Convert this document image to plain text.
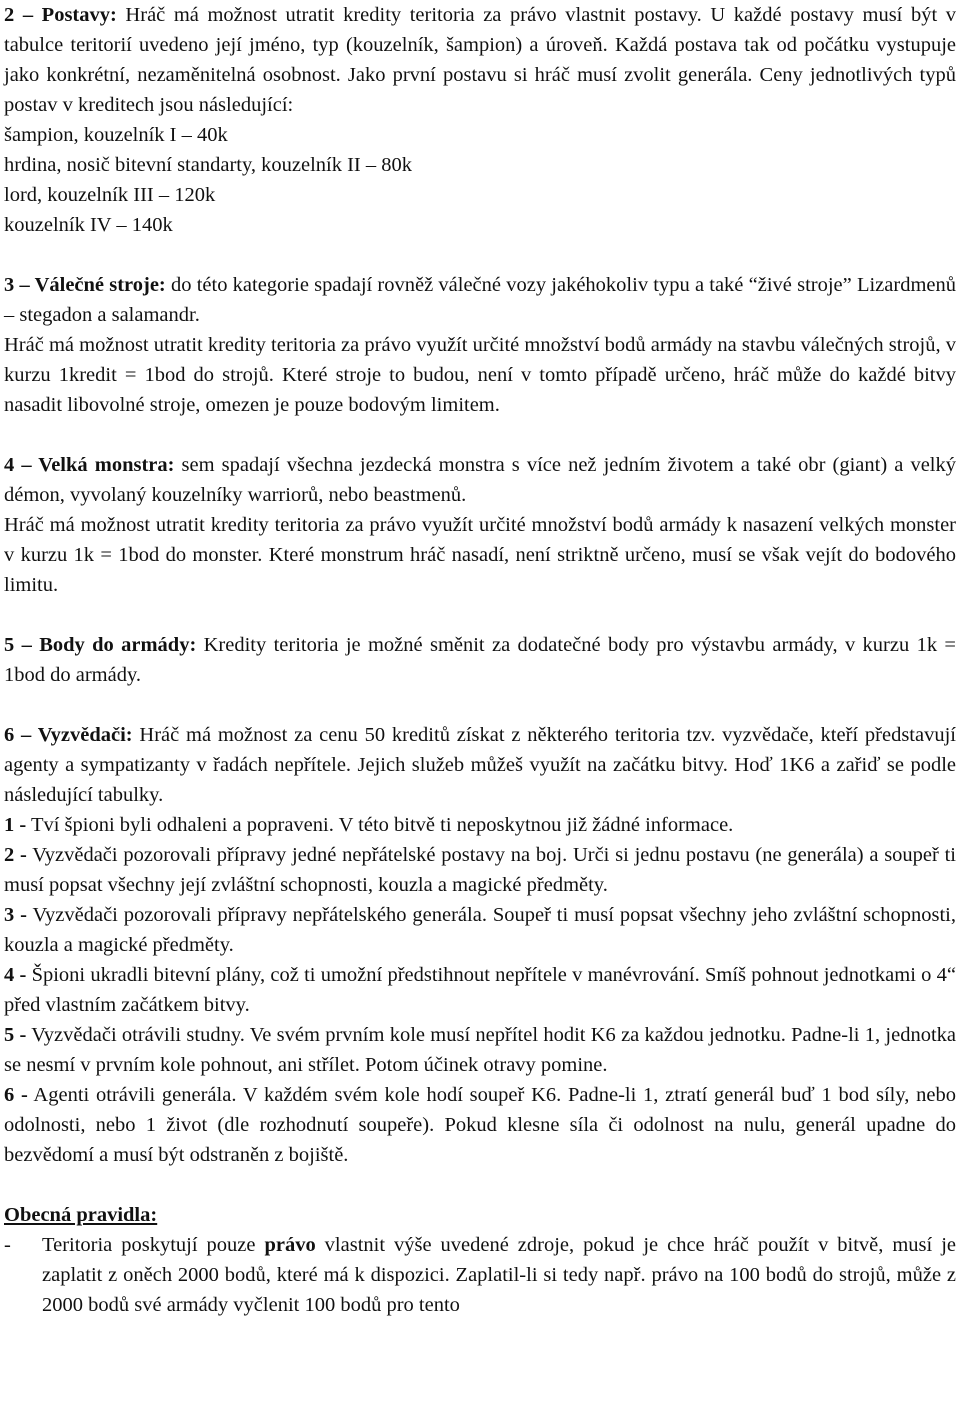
2 – Postavy: Hráč má možnost utratit kredity teritoria za právo vlastnit postavy. U každé postavy musí být v tabulce teritorií uvedeno její jméno, typ (kouzelník, šampion) a úroveň. Každá postava tak od počátku vystupuje jako konkrétní, nezaměnitelná osobnost. Jako první postavu si hráč musí zvolit generála. Ceny jednotlivých typů postav v kreditech jsou následující:

šampion, kouzelník I – 40k
hrdina, nosič bitevní standarty, kouzelník II – 80k
lord, kouzelník III – 120k
kouzelník IV – 140k

3 – Válečné stroje: do této kategorie spadají rovněž válečné vozy jakéhokoliv typu a také “živé stroje” Lizardmenů – stegadon a salamandr.

Hráč má možnost utratit kredity teritoria za právo využít určité množství bodů armády na stavbu válečných strojů, v kurzu 1kredit = 1bod do strojů. Které stroje to budou, není v tomto případě určeno, hráč může do každé bitvy nasadit libovolné stroje, omezen je pouze bodovým limitem.

4 – Velká monstra: sem spadají všechna jezdecká monstra s více než jedním životem a také obr (giant) a velký démon, vyvolaný kouzelníky warriorů, nebo beastmenů.

Hráč má možnost utratit kredity teritoria za právo využít určité množství bodů armády k nasazení velkých monster v kurzu 1k = 1bod do monster. Které monstrum hráč nasadí, není striktně určeno, musí se však vejít do bodového limitu.

5 – Body do armády: Kredity teritoria je možné směnit za dodatečné body pro výstavbu armády, v kurzu 1k = 1bod do armády.

6 – Vyzvědači: Hráč má možnost za cenu 50 kreditů získat z některého teritoria tzv. vyzvědače, kteří představují agenty a sympatizanty v řadách nepřítele. Jejich služeb můžeš využít na začátku bitvy. Hoď 1K6 a zařiď se podle následující tabulky.

1 - Tví špioni byli odhaleni a popraveni. V této bitvě ti neposkytnou již žádné informace.

2 - Vyzvědači pozorovali přípravy jedné nepřátelské postavy na boj. Urči si jednu postavu (ne generála) a soupeř ti musí popsat všechny její zvláštní schopnosti, kouzla a magické předměty.

3 - Vyzvědači pozorovali přípravy nepřátelského generála. Soupeř ti musí popsat všechny jeho zvláštní schopnosti, kouzla a magické předměty.

4 - Špioni ukradli bitevní plány, což ti umožní předstihnout nepřítele v manévrování. Smíš pohnout jednotkami o 4“ před vlastním začátkem bitvy.

5 - Vyzvědači otrávili studny. Ve svém prvním kole musí nepřítel hodit K6 za každou jednotku. Padne-li 1, jednotka se nesmí v prvním kole pohnout, ani střílet. Potom účinek otravy pomine.

6 - Agenti otrávili generála. V každém svém kole hodí soupeř K6. Padne-li 1, ztratí generál buď 1 bod síly, nebo odolnosti, nebo 1 život (dle rozhodnutí soupeře). Pokud klesne síla či odolnost na nulu, generál upadne do bezvědomí a musí být odstraněn z bojiště.

Obecná pravidla:
-	Teritoria poskytují pouze právo vlastnit výše uvedené zdroje, pokud je chce hráč použít v bitvě, musí je zaplatit z oněch 2000 bodů, které má k dispozici. Zaplatil-li si tedy např. právo na 100 bodů do strojů, může z 2000 bodů své armády vyčlenit 100 bodů pro tento
